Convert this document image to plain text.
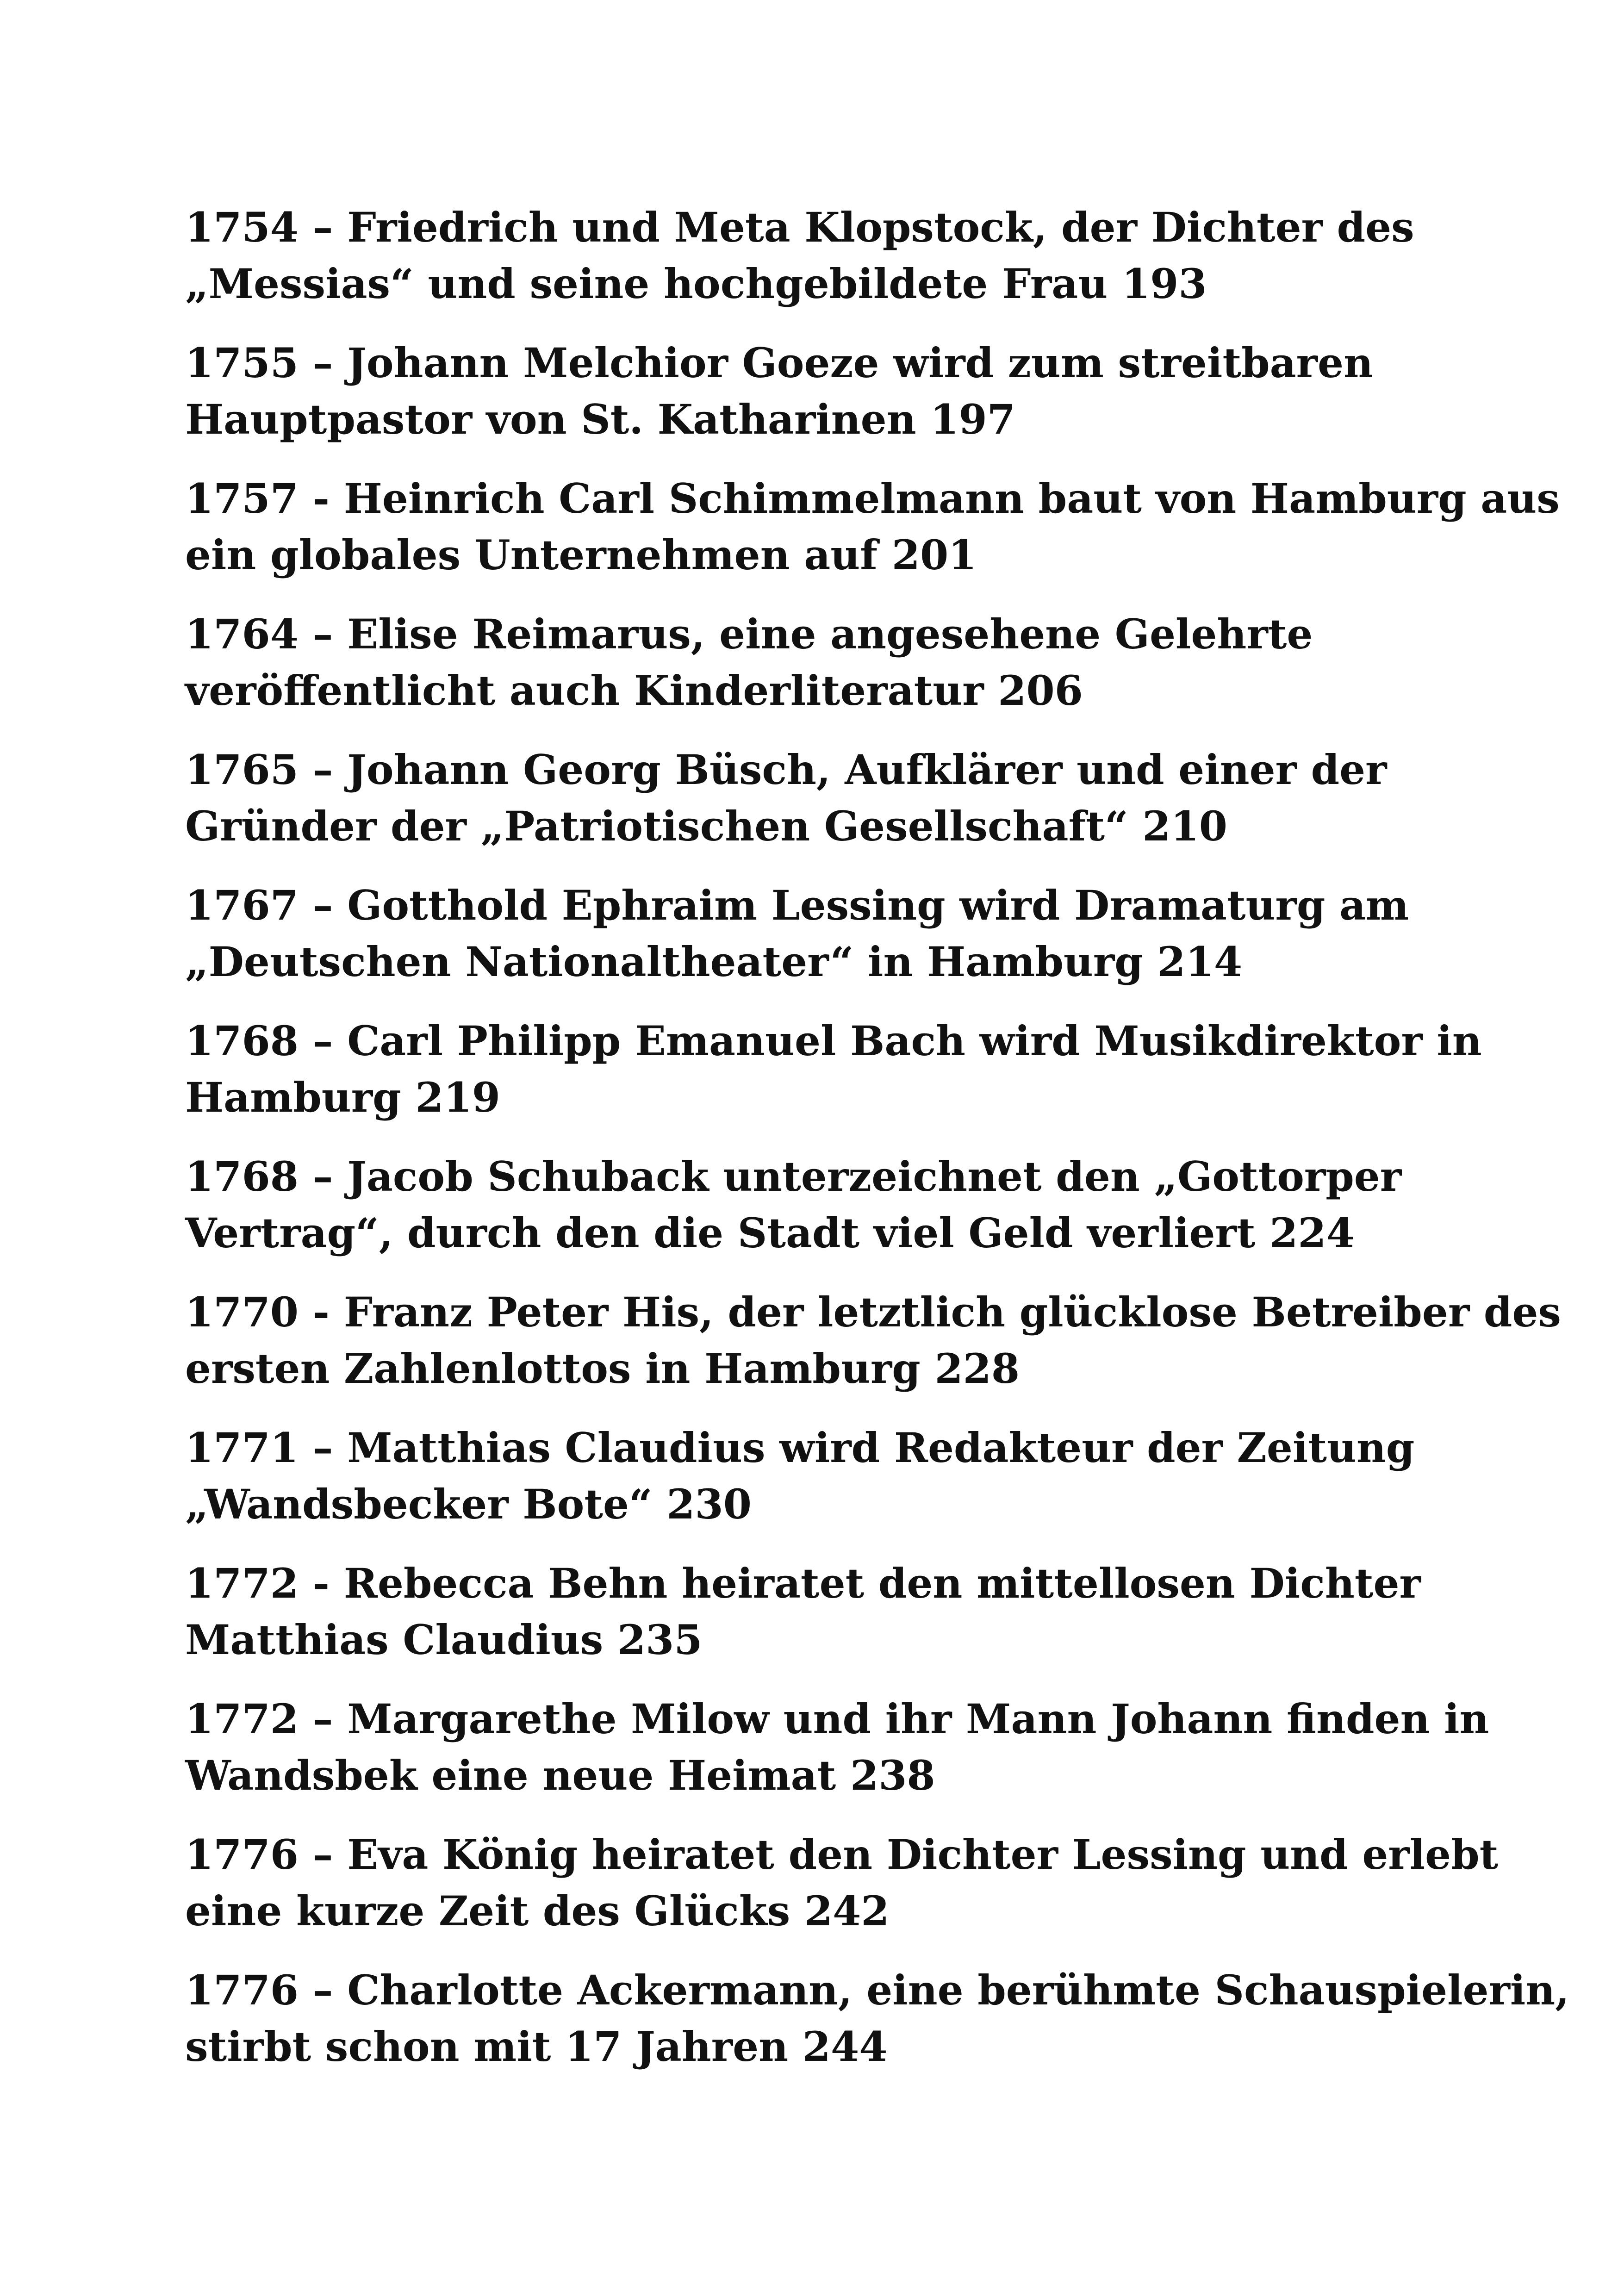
1754 – Friedrich und Meta Klopstock, der Dichter des
„Messias“ und seine hochgebildete Frau 193
1755 – Johann Melchior Goeze wird zum streitbaren
Hauptpastor von St. Katharinen 197
1757 - Heinrich Carl Schimmelmann baut von Hamburg aus
ein globales Unternehmen auf 201
1764 – Elise Reimarus, eine angesehene Gelehrte
veröffentlicht auch Kinderliteratur 206
1765 – Johann Georg Büsch, Aufklärer und einer der
Gründer der „Patriotischen Gesellschaft“ 210
1767 – Gotthold Ephraim Lessing wird Dramaturg am
„Deutschen Nationaltheater“ in Hamburg 214
1768 – Carl Philipp Emanuel Bach wird Musikdirektor in
Hamburg 219
1768 – Jacob Schuback unterzeichnet den „Gottorper
Vertrag“, durch den die Stadt viel Geld verliert 224
1770 - Franz Peter His, der letztlich glücklose Betreiber des
ersten Zahlenlottos in Hamburg 228
1771 – Matthias Claudius wird Redakteur der Zeitung
„Wandsbecker Bote“ 230
1772 - Rebecca Behn heiratet den mittellosen Dichter
Matthias Claudius 235
1772 – Margarethe Milow und ihr Mann Johann finden in
Wandsbek eine neue Heimat 238
1776 – Eva König heiratet den Dichter Lessing und erlebt
eine kurze Zeit des Glücks 242
1776 – Charlotte Ackermann, eine berühmte Schauspielerin,
stirbt schon mit 17 Jahren 244
